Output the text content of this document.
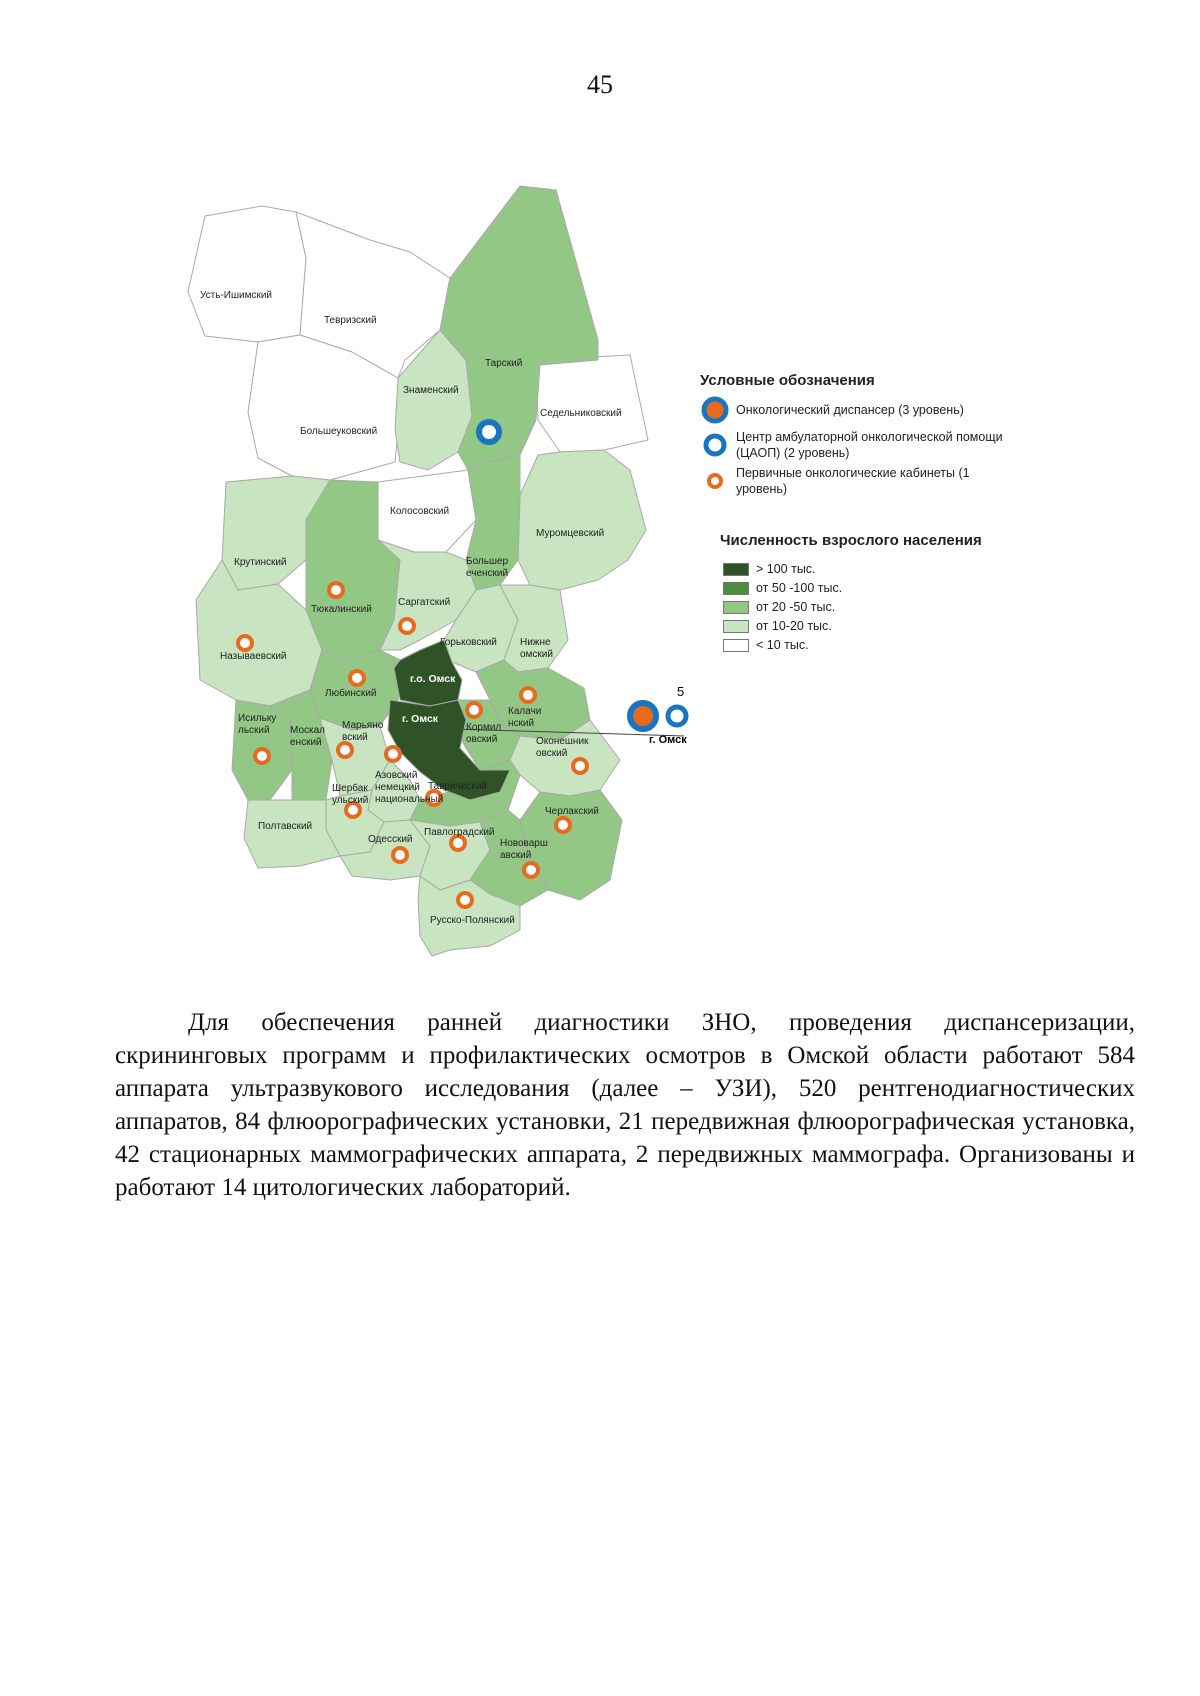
45
Усть-Ишимский
Тевризский
Тарский
Знаменский
Седельниковский
Большеуковский
Колосовский
Муромцевский
Крутинский	Большер
еченский
Тюкалинский
Саргатский
Горьковский Нижне
омский
Называевский
г.о. Омск
Любинский
г. Омск
Калачи
нский
Исильку
льский	Москал
енский
Марьяно
вский
Кормил
овский	Оконешник
овский
Азовский
немецкий
национальный
Шербак
ульский
Таврический
Полтавский
Одесский
Павлоградский
Нововарш
авский
Черлакский
Русско-Полянский
5
г. Омск
Условные обозначения
Онкологический диспансер (3 уровень)
Центр амбулаторной онкологической помощи (ЦАОП) (2 уровень)
Первичные онкологические кабинеты (1 уровень)
Численность взрослого населения
> 100 тыс.
от 50 -100 тыс.
от 20 -50 тыс.
от 10-20 тыс.
< 10 тыс.

Для обеспечения ранней диагностики ЗНО, проведения диспансеризации, скрининговых программ и профилактических осмотров в Омской области работают 584 аппарата ультразвукового исследования (далее – УЗИ), 520 рентгенодиагностических аппаратов, 84 флюорографических установки, 21 передвижная флюорографическая установка, 42 стационарных маммографических аппарата, 2 передвижных маммографа. Организованы и работают 14 цитологических лабораторий.
